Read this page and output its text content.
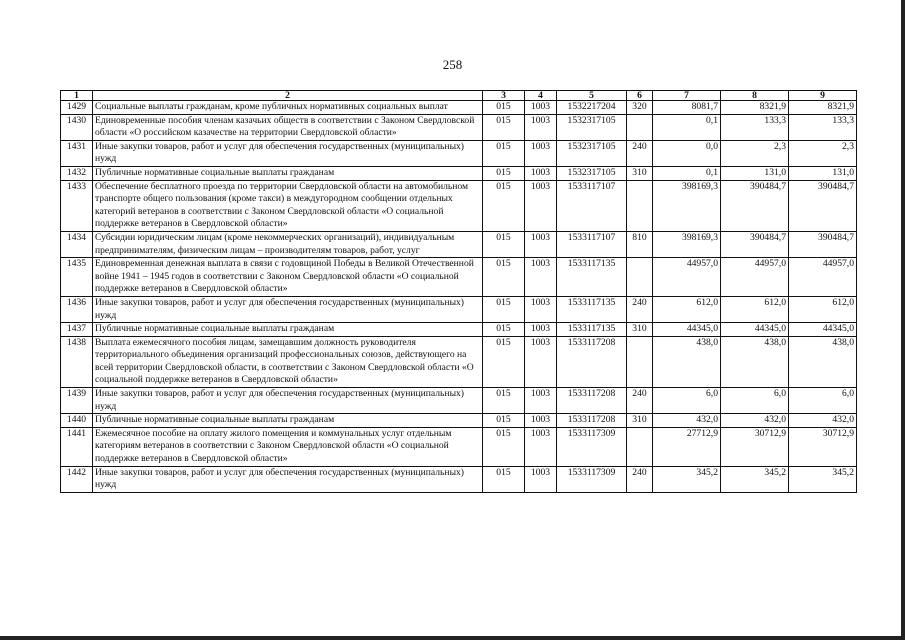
258
1	2	3	4	5	6	7	8	9
1429	Социальные выплаты гражданам, кроме публичных нормативных социальных выплат	015	1003	1532217204	320	8081,7	8321,9	8321,9
1430	Единовременные пособия членам казачьих обществ в соответствии с Законом Свердловской области «О российском казачестве на территории Свердловской области»	015	1003	1532317105		0,1	133,3	133,3
1431	Иные закупки товаров, работ и услуг для обеспечения государственных (муниципальных) нужд	015	1003	1532317105	240	0,0	2,3	2,3
1432	Публичные нормативные социальные выплаты гражданам	015	1003	1532317105	310	0,1	131,0	131,0
1433	Обеспечение бесплатного проезда по территории Свердловской области на автомобильном транспорте общего пользования (кроме такси) в междугородном сообщении отдельных категорий ветеранов в соответствии с Законом Свердловской области «О социальной поддержке ветеранов в Свердловской области»	015	1003	1533117107		398169,3	390484,7	390484,7
1434	Субсидии юридическим лицам (кроме некоммерческих организаций), индивидуальным предпринимателям, физическим лицам – производителям товаров, работ, услуг	015	1003	1533117107	810	398169,3	390484,7	390484,7
1435	Единовременная денежная выплата в связи с годовщиной Победы в Великой Отечественной войне 1941 – 1945 годов в соответствии с Законом Свердловской области «О социальной поддержке ветеранов в Свердловской области»	015	1003	1533117135		44957,0	44957,0	44957,0
1436	Иные закупки товаров, работ и услуг для обеспечения государственных (муниципальных) нужд	015	1003	1533117135	240	612,0	612,0	612,0
1437	Публичные нормативные социальные выплаты гражданам	015	1003	1533117135	310	44345,0	44345,0	44345,0
1438	Выплата ежемесячного пособия лицам, замещавшим должность руководителя территориального объединения организаций профессиональных союзов, действующего на всей территории Свердловской области, в соответствии с Законом Свердловской области «О социальной поддержке ветеранов в Свердловской области»	015	1003	1533117208		438,0	438,0	438,0
1439	Иные закупки товаров, работ и услуг для обеспечения государственных (муниципальных) нужд	015	1003	1533117208	240	6,0	6,0	6,0
1440	Публичные нормативные социальные выплаты гражданам	015	1003	1533117208	310	432,0	432,0	432,0
1441	Ежемесячное пособие на оплату жилого помещения и коммунальных услуг отдельным категориям ветеранов в соответствии с Законом Свердловской области «О социальной поддержке ветеранов в Свердловской области»	015	1003	1533117309		27712,9	30712,9	30712,9
1442	Иные закупки товаров, работ и услуг для обеспечения государственных (муниципальных) нужд	015	1003	1533117309	240	345,2	345,2	345,2
